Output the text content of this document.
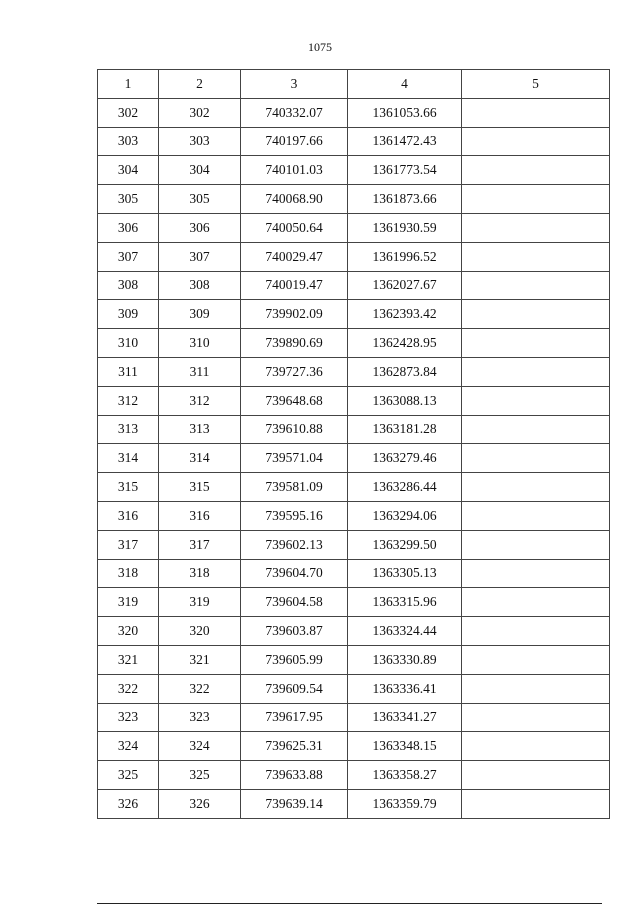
1075
1	2	3	4	5
302	302	740332.07	1361053.66	
303	303	740197.66	1361472.43	
304	304	740101.03	1361773.54	
305	305	740068.90	1361873.66	
306	306	740050.64	1361930.59	
307	307	740029.47	1361996.52	
308	308	740019.47	1362027.67	
309	309	739902.09	1362393.42	
310	310	739890.69	1362428.95	
311	311	739727.36	1362873.84	
312	312	739648.68	1363088.13	
313	313	739610.88	1363181.28	
314	314	739571.04	1363279.46	
315	315	739581.09	1363286.44	
316	316	739595.16	1363294.06	
317	317	739602.13	1363299.50	
318	318	739604.70	1363305.13	
319	319	739604.58	1363315.96	
320	320	739603.87	1363324.44	
321	321	739605.99	1363330.89	
322	322	739609.54	1363336.41	
323	323	739617.95	1363341.27	
324	324	739625.31	1363348.15	
325	325	739633.88	1363358.27	
326	326	739639.14	1363359.79	
